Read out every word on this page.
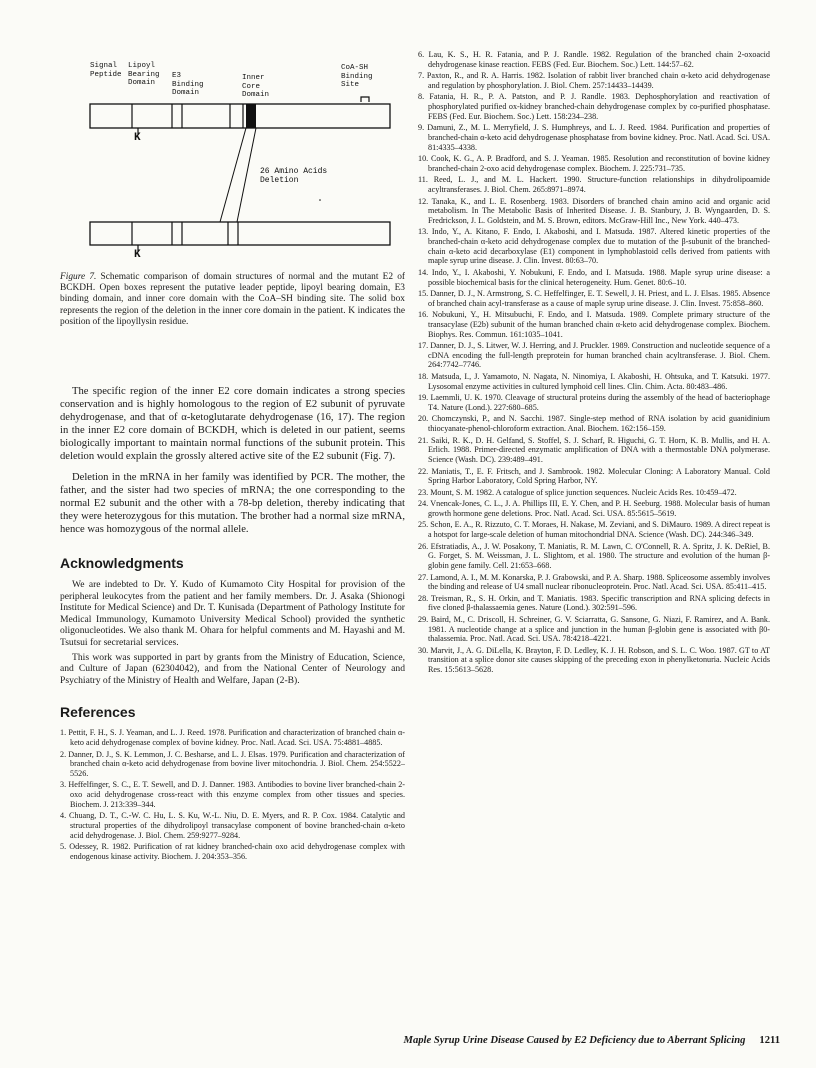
Signal
Peptide
Lipoyl
Bearing
Domain
E3
Binding
Domain
Inner
Core
Domain
CoA-SH
Binding
Site
26 Amino Acids
Deletion
K
K

Figure 7. Schematic comparison of domain structures of normal and the mutant E2 of BCKDH. Open boxes represent the putative leader peptide, lipoyl bearing domain, E3 binding domain, and inner core domain with the CoA–SH binding site. The solid box represents the region of the deletion in the inner core domain in the patient. K indicates the position of the lipoyllysin residue.

The specific region of the inner E2 core domain indicates a strong species conservation and is highly homologous to the region of E2 subunit of pyruvate dehydrogenase, and that of α-ketoglutarate dehydrogenase (16, 17). The region in the inner E2 core domain of BCKDH, which is deleted in our patient, seems biologically important to maintain normal functions of the subunit protein. This deletion would explain the grossly altered active site of the E2 subunit (Fig. 7).

Deletion in the mRNA in her family was identified by PCR. The mother, the father, and the sister had two species of mRNA; the one corresponding to the normal E2 subunit and the other with a 78-bp deletion, thereby indicating that they were heterozygous for this mutation. The brother had a normal size mRNA, hence was homozygous of the normal allele.

Acknowledgments

We are indebted to Dr. Y. Kudo of Kumamoto City Hospital for provision of the peripheral leukocytes from the patient and her family members. Dr. J. Asaka (Shionogi Institute for Medical Science) and Dr. T. Kunisada (Department of Pathology Institute for Medical Immunology, Kumamoto University Medical School) provided the synthetic oligonucleotides. We also thank M. Ohara for helpful comments and M. Hayashi and M. Tsutsui for secretarial services.

This work was supported in part by grants from the Ministry of Education, Science, and Culture of Japan (62304042), and from the National Center of Neurology and Psychiatry of the Ministry of Health and Welfare, Japan (2-B).

References
1. Pettit, F. H., S. J. Yeaman, and L. J. Reed. 1978. Purification and characterization of branched chain α-keto acid dehydrogenase complex of bovine kidney. Proc. Natl. Acad. Sci. USA. 75:4881–4885.
2. Danner, D. J., S. K. Lemmon, J. C. Besharse, and L. J. Elsas. 1979. Purification and characterization of branched chain α-keto acid dehydrogenase from bovine liver mitochondria. J. Biol. Chem. 254:5522–5526.
3. Heffelfinger, S. C., E. T. Sewell, and D. J. Danner. 1983. Antibodies to bovine liver branched-chain 2-oxo acid dehydrogenase cross-react with this enzyme complex from other tissues and species. Biochem. J. 213:339–344.
4. Chuang, D. T., C.-W. C. Hu, L. S. Ku, W.-L. Niu, D. E. Myers, and R. P. Cox. 1984. Catalytic and structural properties of the dihydrolipoyl transacylase component of bovine branched-chain α-keto acid dehydrogenase. J. Biol. Chem. 259:9277–9284.
5. Odessey, R. 1982. Purification of rat kidney branched-chain oxo acid dehydrogenase complex with endogenous kinase activity. Biochem. J. 204:353–356.
6. Lau, K. S., H. R. Fatania, and P. J. Randle. 1982. Regulation of the branched chain 2-oxoacid dehydrogenase kinase reaction. FEBS (Fed. Eur. Biochem. Soc.) Lett. 144:57–62.
7. Paxton, R., and R. A. Harris. 1982. Isolation of rabbit liver branched chain α-keto acid dehydrogenase and regulation by phosphorylation. J. Biol. Chem. 257:14433–14439.
8. Fatania, H. R., P. A. Patston, and P. J. Randle. 1983. Dephosphorylation and reactivation of phosphorylated purified ox-kidney branched-chain dehydrogenase complex by co-purified phosphatase. FEBS (Fed. Eur. Biochem. Soc.) Lett. 158:234–238.
9. Damuni, Z., M. L. Merryfield, J. S. Humphreys, and L. J. Reed. 1984. Purification and properties of branched-chain α-keto acid dehydrogenase phosphatase from bovine kidney. Proc. Natl. Acad. Sci. USA. 81:4335–4338.
10. Cook, K. G., A. P. Bradford, and S. J. Yeaman. 1985. Resolution and reconstitution of bovine kidney branched-chain 2-oxo acid dehydrogenase complex. Biochem. J. 225:731–735.
11. Reed, L. J., and M. L. Hackert. 1990. Structure-function relationships in dihydrolipoamide acyltransferases. J. Biol. Chem. 265:8971–8974.
12. Tanaka, K., and L. E. Rosenberg. 1983. Disorders of branched chain amino acid and organic acid metabolism. In The Metabolic Basis of Inherited Disease. J. B. Stanbury, J. B. Wyngaarden, D. S. Fredrickson, J. L. Goldstein, and M. S. Brown, editors. McGraw-Hill Inc., New York. 440–473.
13. Indo, Y., A. Kitano, F. Endo, I. Akaboshi, and I. Matsuda. 1987. Altered kinetic properties of the branched-chain α-keto acid dehydrogenase complex due to mutation of the β-subunit of the branched-chain α-keto acid decarboxylase (E1) component in lymphoblastoid cells derived from patients with maple syrup urine disease. J. Clin. Invest. 80:63–70.
14. Indo, Y., I. Akaboshi, Y. Nobukuni, F. Endo, and I. Matsuda. 1988. Maple syrup urine disease: a possible biochemical basis for the clinical heterogeneity. Hum. Genet. 80:6–10.
15. Danner, D. J., N. Armstrong, S. C. Heffelfinger, E. T. Sewell, J. H. Priest, and L. J. Elsas. 1985. Absence of branched chain acyl-transferase as a cause of maple syrup urine disease. J. Clin. Invest. 75:858–860.
16. Nobukuni, Y., H. Mitsubuchi, F. Endo, and I. Matsuda. 1989. Complete primary structure of the transacylase (E2b) subunit of the human branched chain α-keto acid dehydrogenase complex. Biochem. Biophys. Res. Commun. 161:1035–1041.
17. Danner, D. J., S. Litwer, W. J. Herring, and J. Pruckler. 1989. Construction and nucleotide sequence of a cDNA encoding the full-length preprotein for human branched chain acyltransferase. J. Biol. Chem. 264:7742–7746.
18. Matsuda, I., J. Yamamoto, N. Nagata, N. Ninomiya, I. Akaboshi, H. Ohtsuka, and T. Katsuki. 1977. Lysosomal enzyme activities in cultured lymphoid cell lines. Clin. Chim. Acta. 80:483–486.
19. Laemmli, U. K. 1970. Cleavage of structural proteins during the assembly of the head of bacteriophage T4. Nature (Lond.). 227:680–685.
20. Chomczynski, P., and N. Sacchi. 1987. Single-step method of RNA isolation by acid guanidinium thiocyanate-phenol-chloroform extraction. Anal. Biochem. 162:156–159.
21. Saiki, R. K., D. H. Gelfand, S. Stoffel, S. J. Scharf, R. Higuchi, G. T. Horn, K. B. Mullis, and H. A. Erlich. 1988. Primer-directed enzymatic amplification of DNA with a thermostable DNA polymerase. Science (Wash. DC). 239:489–491.
22. Maniatis, T., E. F. Fritsch, and J. Sambrook. 1982. Molecular Cloning: A Laboratory Manual. Cold Spring Harbor Laboratory, Cold Spring Harbor, NY.
23. Mount, S. M. 1982. A catalogue of splice junction sequences. Nucleic Acids Res. 10:459–472.
24. Vnencak-Jones, C. L., J. A. Phillips III, E. Y. Chen, and P. H. Seeburg. 1988. Molecular basis of human growth hormone gene deletions. Proc. Natl. Acad. Sci. USA. 85:5615–5619.
25. Schon, E. A., R. Rizzuto, C. T. Moraes, H. Nakase, M. Zeviani, and S. DiMauro. 1989. A direct repeat is a hotspot for large-scale deletion of human mitochondrial DNA. Science (Wash. DC). 244:346–349.
26. Efstratiadis, A., J. W. Posakony, T. Maniatis, R. M. Lawn, C. O'Connell, R. A. Spritz, J. K. DeRiel, B. G. Forget, S. M. Weissman, J. L. Slightom, et al. 1980. The structure and evolution of the human β-globin gene family. Cell. 21:653–668.
27. Lamond, A. I., M. M. Konarska, P. J. Grabowski, and P. A. Sharp. 1988. Spliceosome assembly involves the binding and release of U4 small nuclear ribonucleoprotein. Proc. Natl. Acad. Sci. USA. 85:411–415.
28. Treisman, R., S. H. Orkin, and T. Maniatis. 1983. Specific transcription and RNA splicing defects in five cloned β-thalassaemia genes. Nature (Lond.). 302:591–596.
29. Baird, M., C. Driscoll, H. Schreiner, G. V. Sciarratta, G. Sansone, G. Niazi, F. Ramirez, and A. Bank. 1981. A nucleotide change at a splice and junction in the human β-globin gene is associated with β0-thalassemia. Proc. Natl. Acad. Sci. USA. 78:4218–4221.
30. Marvit, J., A. G. DiLella, K. Brayton, F. D. Ledley, K. J. H. Robson, and S. L. C. Woo. 1987. GT to AT transition at a splice donor site causes skipping of the preceding exon in phenylketonuria. Nucleic Acids Res. 15:5613–5628.
Maple Syrup Urine Disease Caused by E2 Deficiency due to Aberrant Splicing 1211
